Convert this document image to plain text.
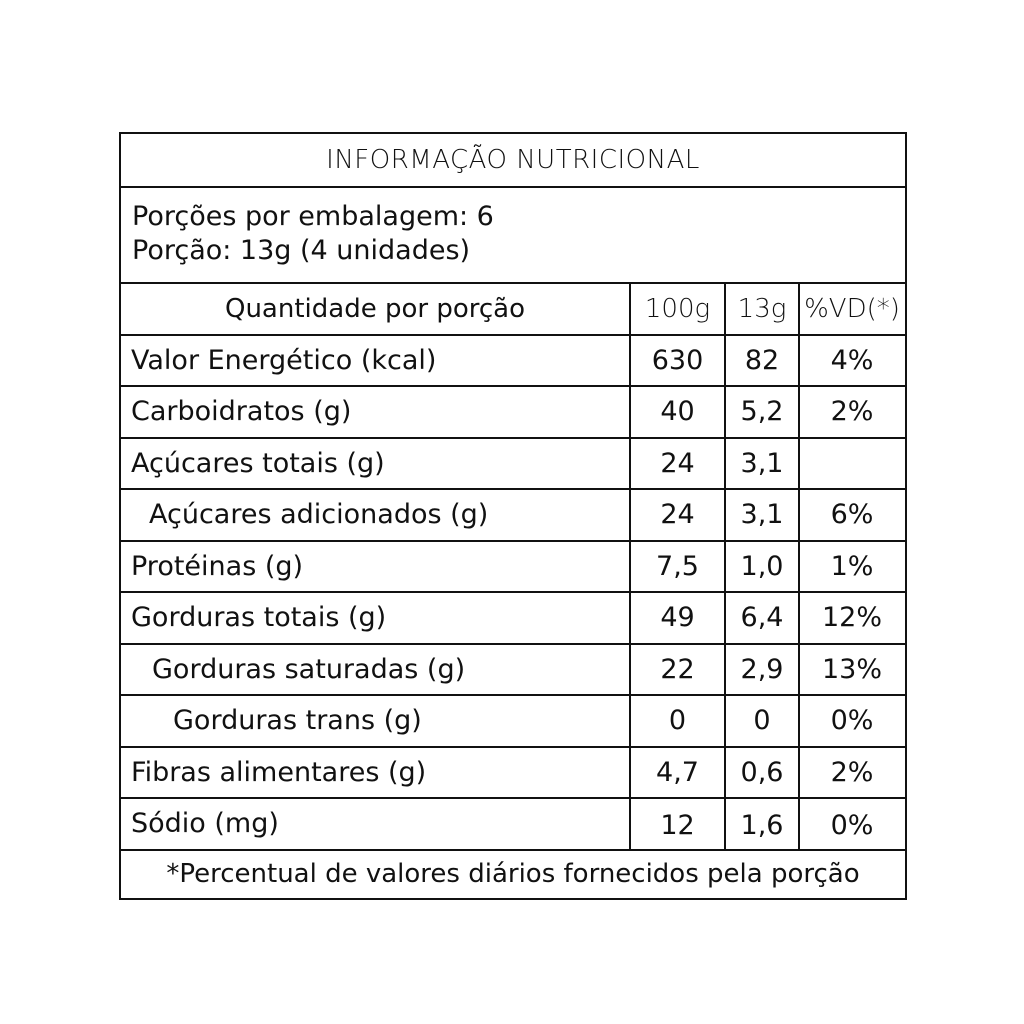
INFORMAÇÃO NUTRICIONAL
Porções por embalagem: 6
Porção: 13g (4 unidades)
Quantidade por porção	100g	13g %VD(*)
Valor Energético (kcal)	630	82	4%
Carboidratos (g)	40	5,2	2%
Açúcares totais (g)	24	3,1
Açúcares adicionados (g)	24	3,1	6%
Protéinas (g)	7,5	1,0	1%
Gorduras totais (g)	49	6,4	12%
Gorduras saturadas (g)	22	2,9	13%
Gorduras trans (g)	0	0	0%
Fibras alimentares (g)	4,7	0,6	2%
Sódio (mg)	12	1,6	0%
*Percentual de valores diários fornecidos pela porção
